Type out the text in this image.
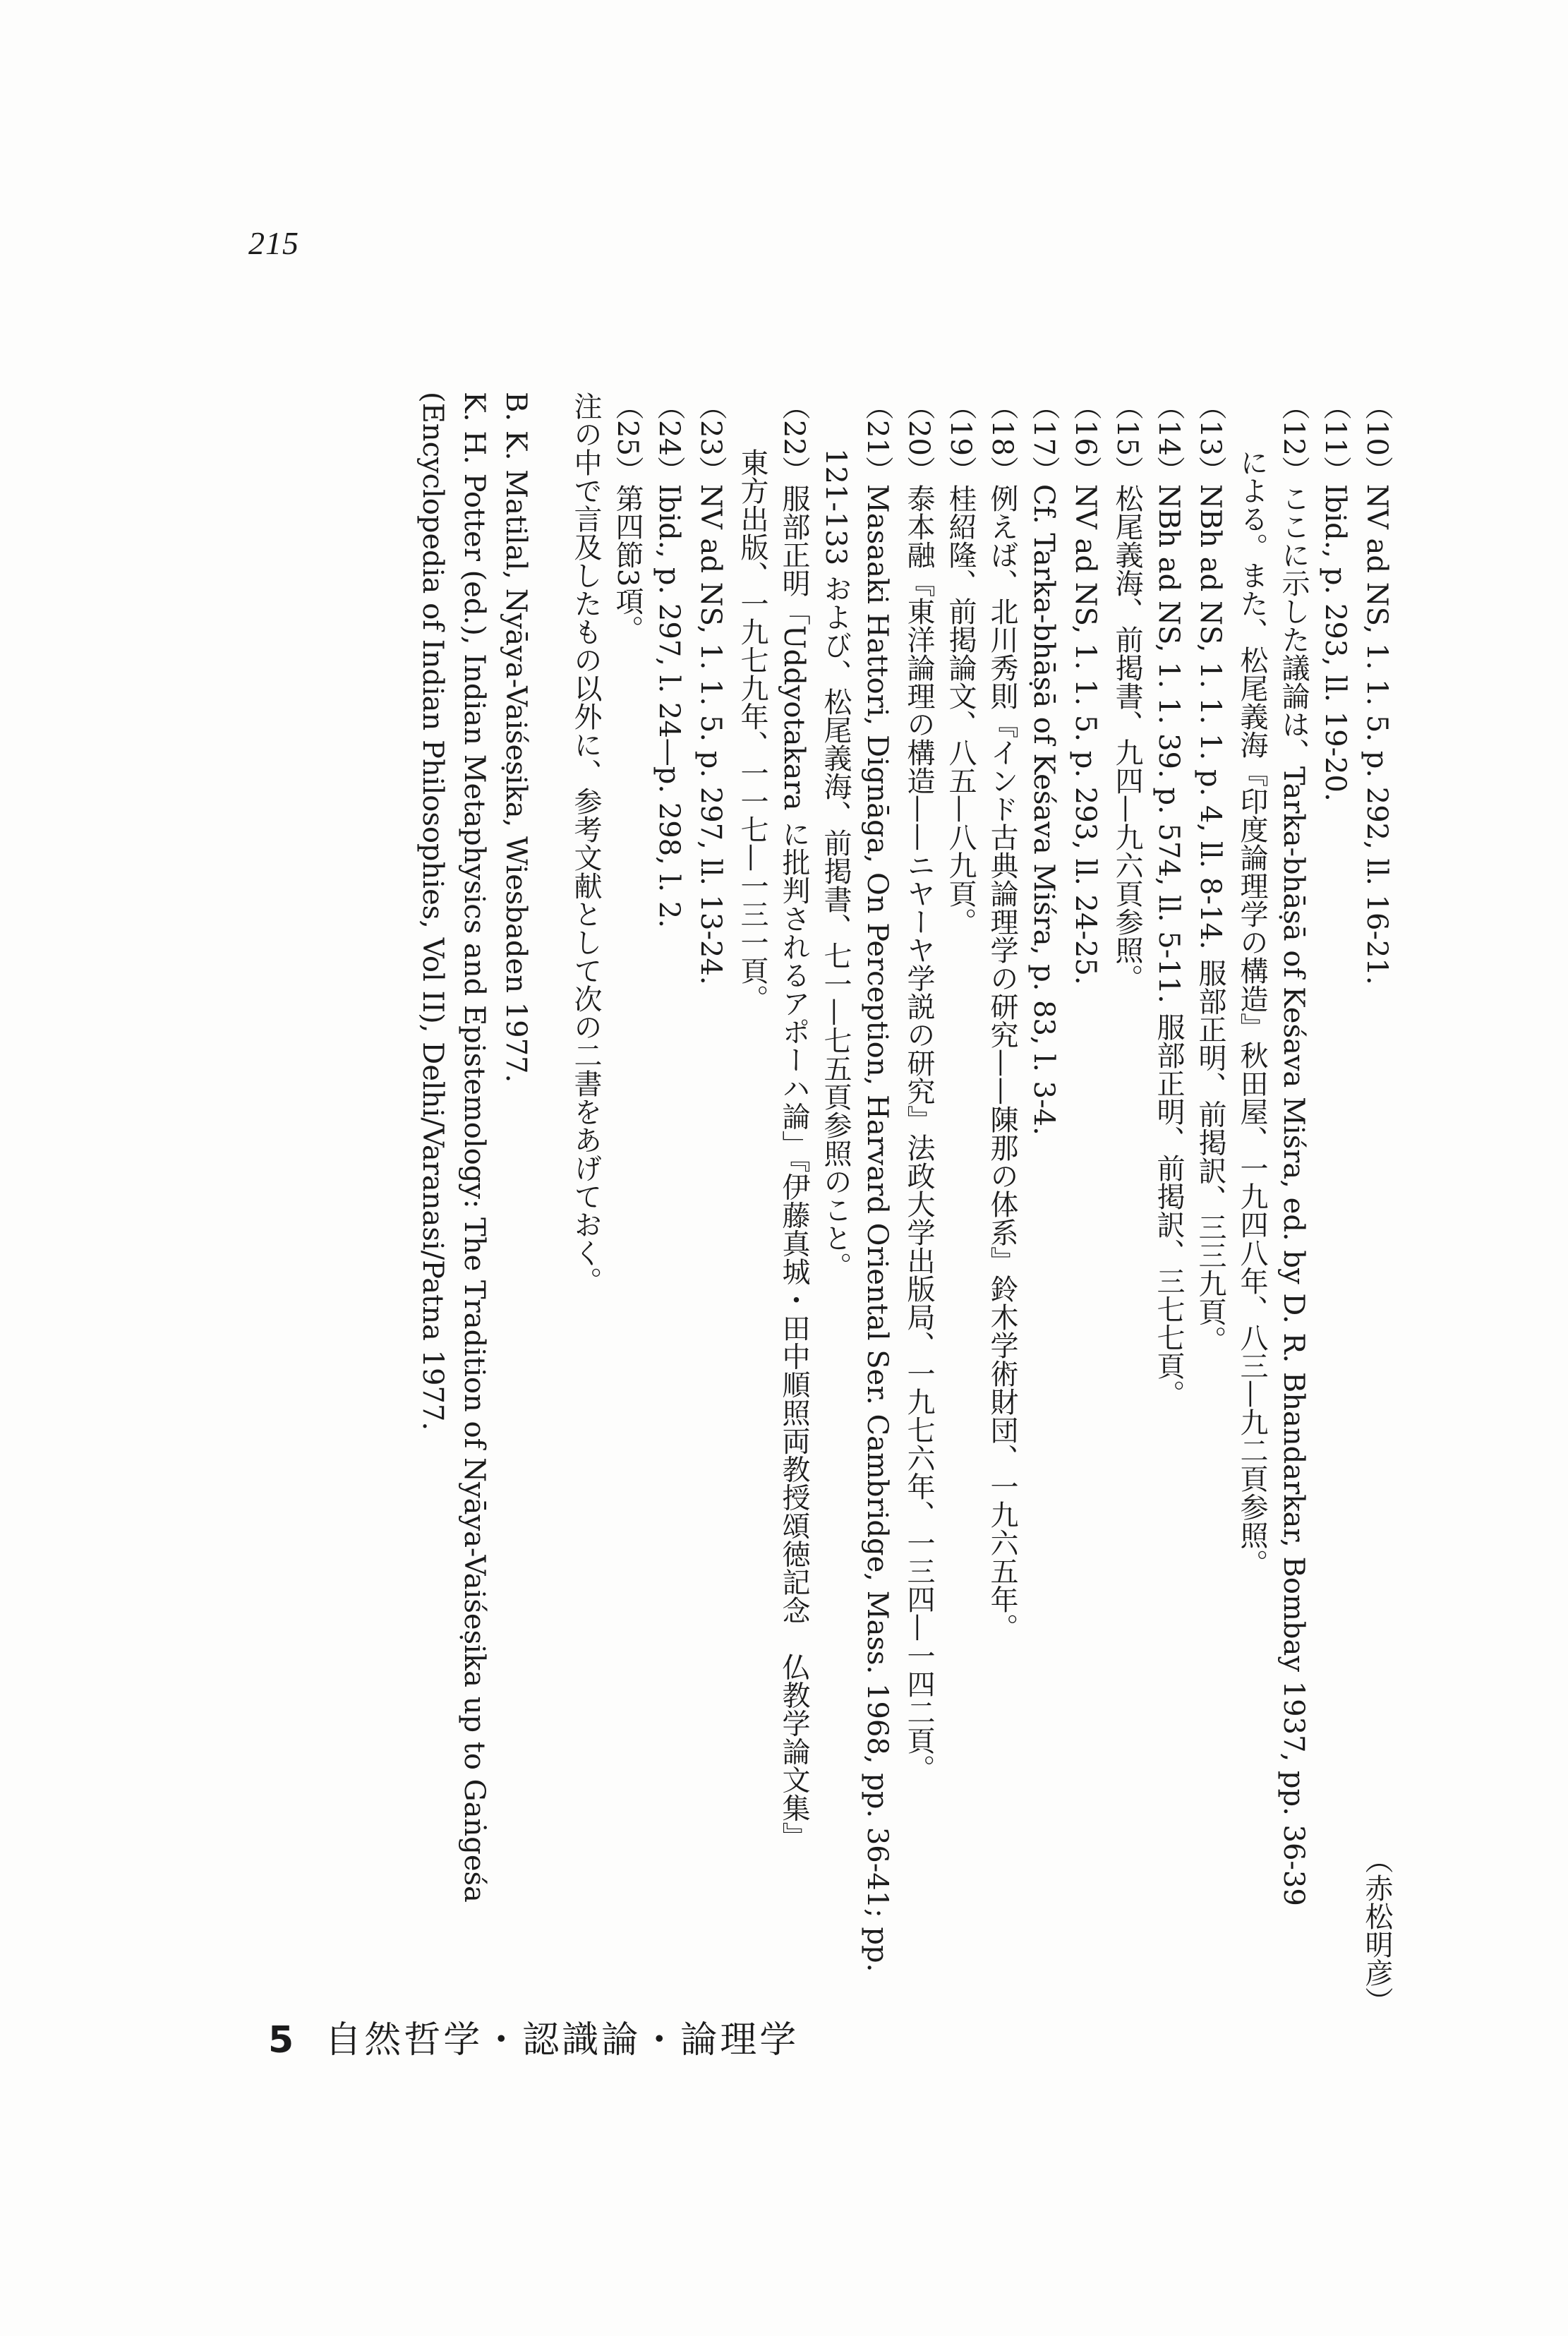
215
（10）NV ad NS, 1. 1. 5. p. 292, ll. 16-21.
（11）Ibid., p. 293, ll. 19-20.
（12）ここに示した議論は、Tarka-bhāṣā of Keśava Miśra, ed. by D. R. Bhandarkar, Bombay 1937, pp. 36-39
による。また、松尾義海『印度論理学の構造』秋田屋、一九四八年、八三—九二頁参照。
（13）NBh ad NS, 1. 1. 1. p. 4, ll. 8-14. 服部正明、前掲訳、三三九頁。
（14）NBh ad NS, 1. 1. 39. p. 574, ll. 5-11. 服部正明、前掲訳、三七七頁。
（15）松尾義海、前掲書、九四—九六頁参照。
（16）NV ad NS, 1. 1. 5. p. 293, ll. 24-25.
（17）Cf. Tarka-bhāṣā of Keśava Miśra, p. 83, l. 3-4.
（18）例えば、北川秀則『インド古典論理学の研究——陳那の体系』鈴木学術財団、一九六五年。
（19）桂紹隆、前掲論文、八五—八九頁。
（20）泰本融『東洋論理の構造——ニヤーヤ学説の研究』法政大学出版局、一九七六年、一三四—一四二頁。
（21）Masaaki Hattori, Dignāga, On Perception, Harvard Oriental Ser. Cambridge, Mass. 1968, pp. 36-41; pp.
121-133 および、松尾義海、前掲書、七一—七五頁参照のこと。
（22）服部正明「Uddyotakara に批判されるアポーハ論」『伊藤真城・田中順照両教授頌徳記念　仏教学論文集』
東方出版、一九七九年、一一七—一三一頁。
（23）NV ad NS, 1. 1. 5. p. 297, ll. 13-24.
（24）Ibid., p. 297, l. 24—p. 298, l. 2.
（25）第四節3項。
注の中で言及したもの以外に、参考文献として次の二書をあげておく。
B. K. Matilal, Nyāya-Vaiśeṣika, Wiesbaden 1977.
K. H. Potter (ed.), Indian Metaphysics and Epistemology: The Tradition of Nyāya-Vaiśeṣika up to Gaṅgeśa
(Encyclopedia of Indian Philosophies, Vol II), Delhi/Varanasi/Patna 1977.
（赤松明彦）
5 自然哲学・認識論・論理学
